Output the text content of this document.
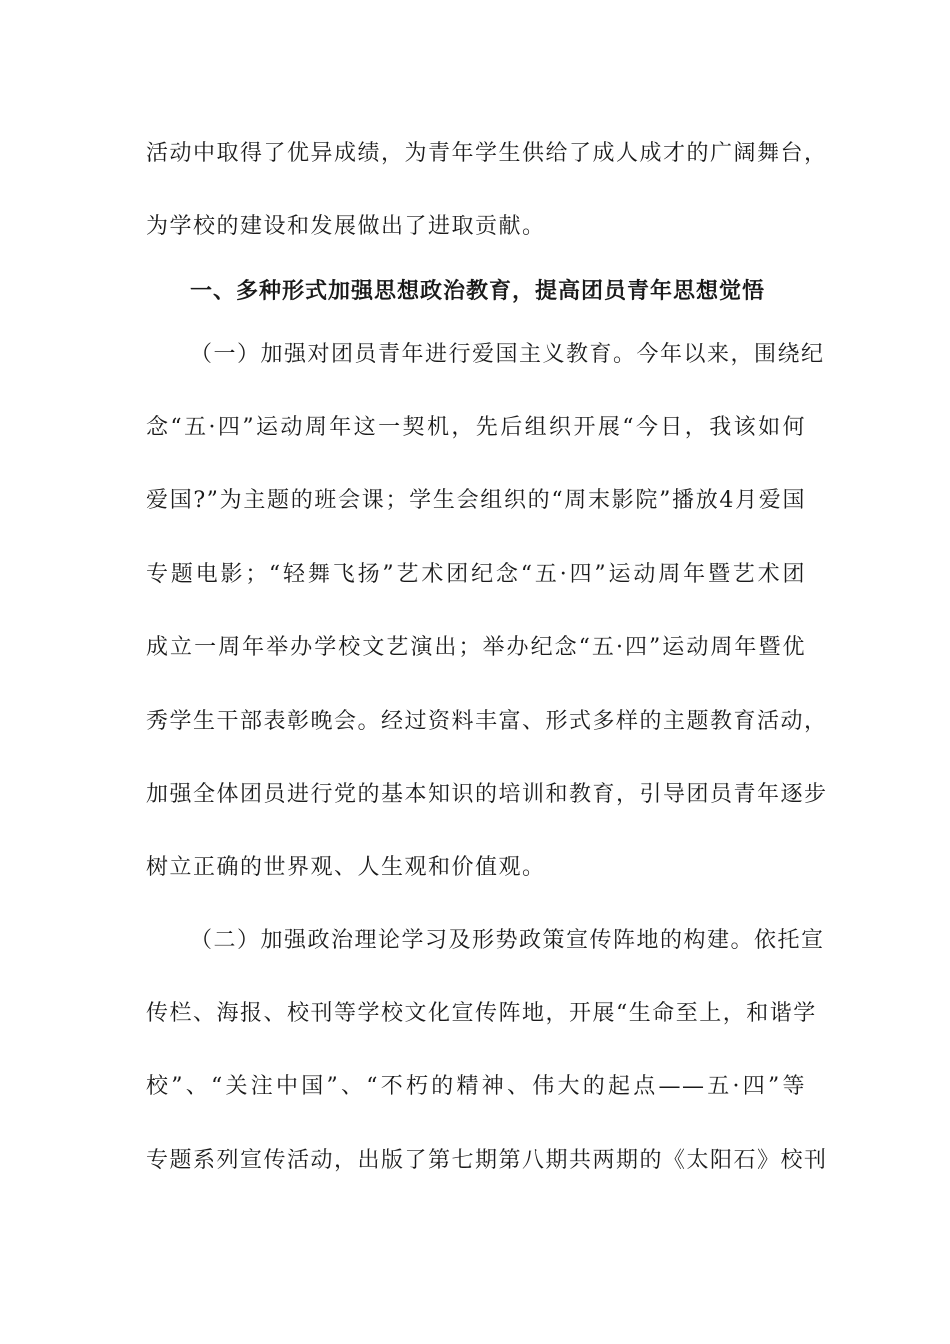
活动中取得了优异成绩，为青年学生供给了成人成才的广阔舞台，
为学校的建设和发展做出了进取贡献。
一、多种形式加强思想政治教育，提高团员青年思想觉悟
（一）加强对团员青年进行爱国主义教育。今年以来，围绕纪
念“五·四”运动周年这一契机，先后组织开展“今日，我该如何
爱国?”为主题的班会课；学生会组织的“周末影院”播放4月爱国
专题电影；“轻舞飞扬”艺术团纪念“五·四”运动周年暨艺术团
成立一周年举办学校文艺演出；举办纪念“五·四”运动周年暨优
秀学生干部表彰晚会。经过资料丰富、形式多样的主题教育活动，
加强全体团员进行党的基本知识的培训和教育，引导团员青年逐步
树立正确的世界观、人生观和价值观。
（二）加强政治理论学习及形势政策宣传阵地的构建。依托宣
传栏、海报、校刊等学校文化宣传阵地，开展“生命至上，和谐学
校”、“关注中国”、“不朽的精神、伟大的起点——五·四”等
专题系列宣传活动，出版了第七期第八期共两期的《太阳石》校刊
